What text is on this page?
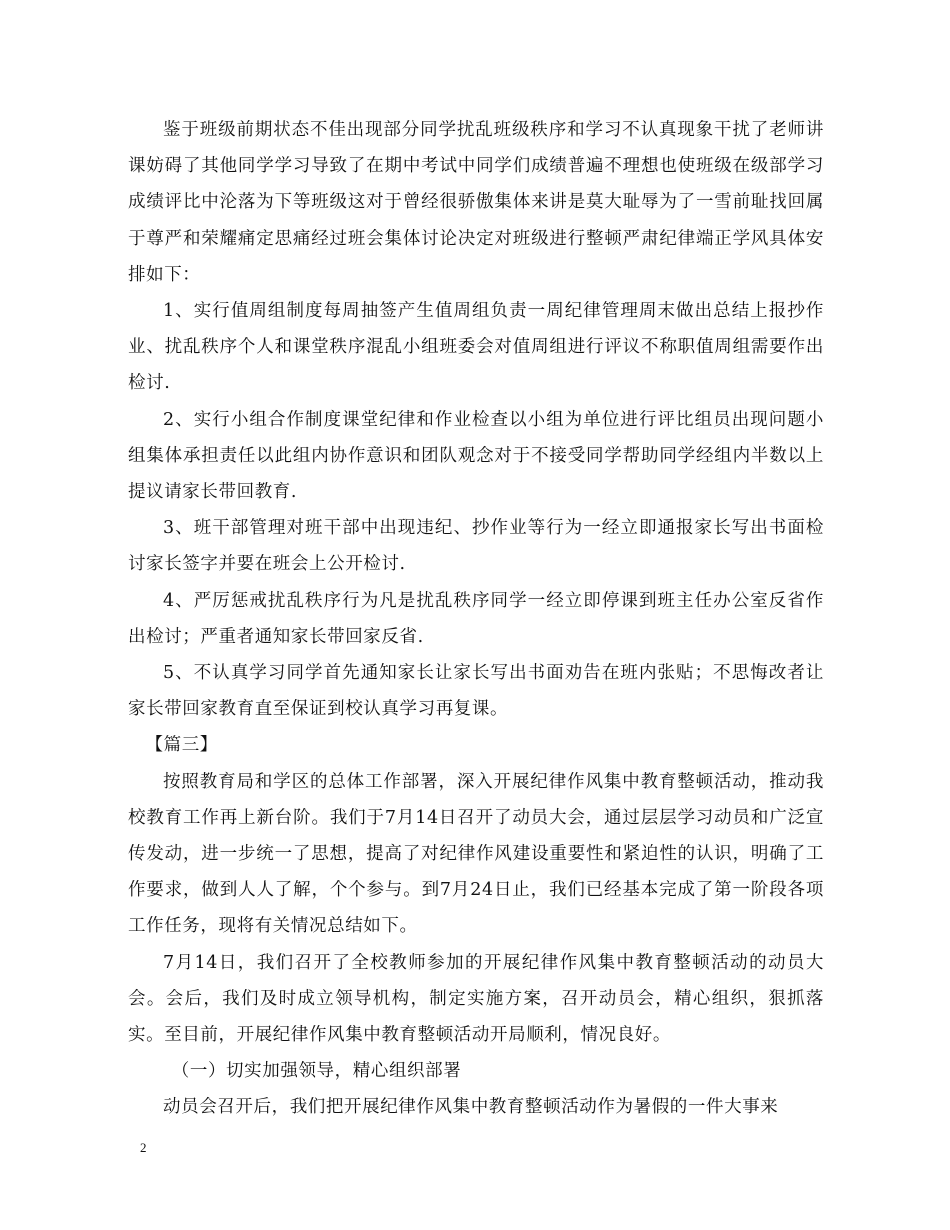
鉴于班级前期状态不佳出现部分同学扰乱班级秩序和学习不认真现象干扰了老师讲课妨碍了其他同学学习导致了在期中考试中同学们成绩普遍不理想也使班级在级部学习成绩评比中沦落为下等班级这对于曾经很骄傲集体来讲是莫大耻辱为了一雪前耻找回属于尊严和荣耀痛定思痛经过班会集体讨论决定对班级进行整顿严肃纪律端正学风具体安排如下：

1、实行值周组制度每周抽签产生值周组负责一周纪律管理周末做出总结上报抄作业、扰乱秩序个人和课堂秩序混乱小组班委会对值周组进行评议不称职值周组需要作出检讨.

2、实行小组合作制度课堂纪律和作业检查以小组为单位进行评比组员出现问题小组集体承担责任以此组内协作意识和团队观念对于不接受同学帮助同学经组内半数以上提议请家长带回教育.

3、班干部管理对班干部中出现违纪、抄作业等行为一经立即通报家长写出书面检讨家长签字并要在班会上公开检讨.

4、严厉惩戒扰乱秩序行为凡是扰乱秩序同学一经立即停课到班主任办公室反省作出检讨；严重者通知家长带回家反省.

5、不认真学习同学首先通知家长让家长写出书面劝告在班内张贴；不思悔改者让家长带回家教育直至保证到校认真学习再复课。

【篇三】

按照教育局和学区的总体工作部署，深入开展纪律作风集中教育整顿活动，推动我校教育工作再上新台阶。我们于7月14日召开了动员大会，通过层层学习动员和广泛宣传发动，进一步统一了思想，提高了对纪律作风建设重要性和紧迫性的认识，明确了工作要求，做到人人了解，个个参与。到7月24日止，我们已经基本完成了第一阶段各项工作任务，现将有关情况总结如下。

7月14日，我们召开了全校教师参加的开展纪律作风集中教育整顿活动的动员大会。会后，我们及时成立领导机构，制定实施方案，召开动员会，精心组织，狠抓落实。至目前，开展纪律作风集中教育整顿活动开局顺利，情况良好。

（一）切实加强领导，精心组织部署

动员会召开后，我们把开展纪律作风集中教育整顿活动作为暑假的一件大事来

2
